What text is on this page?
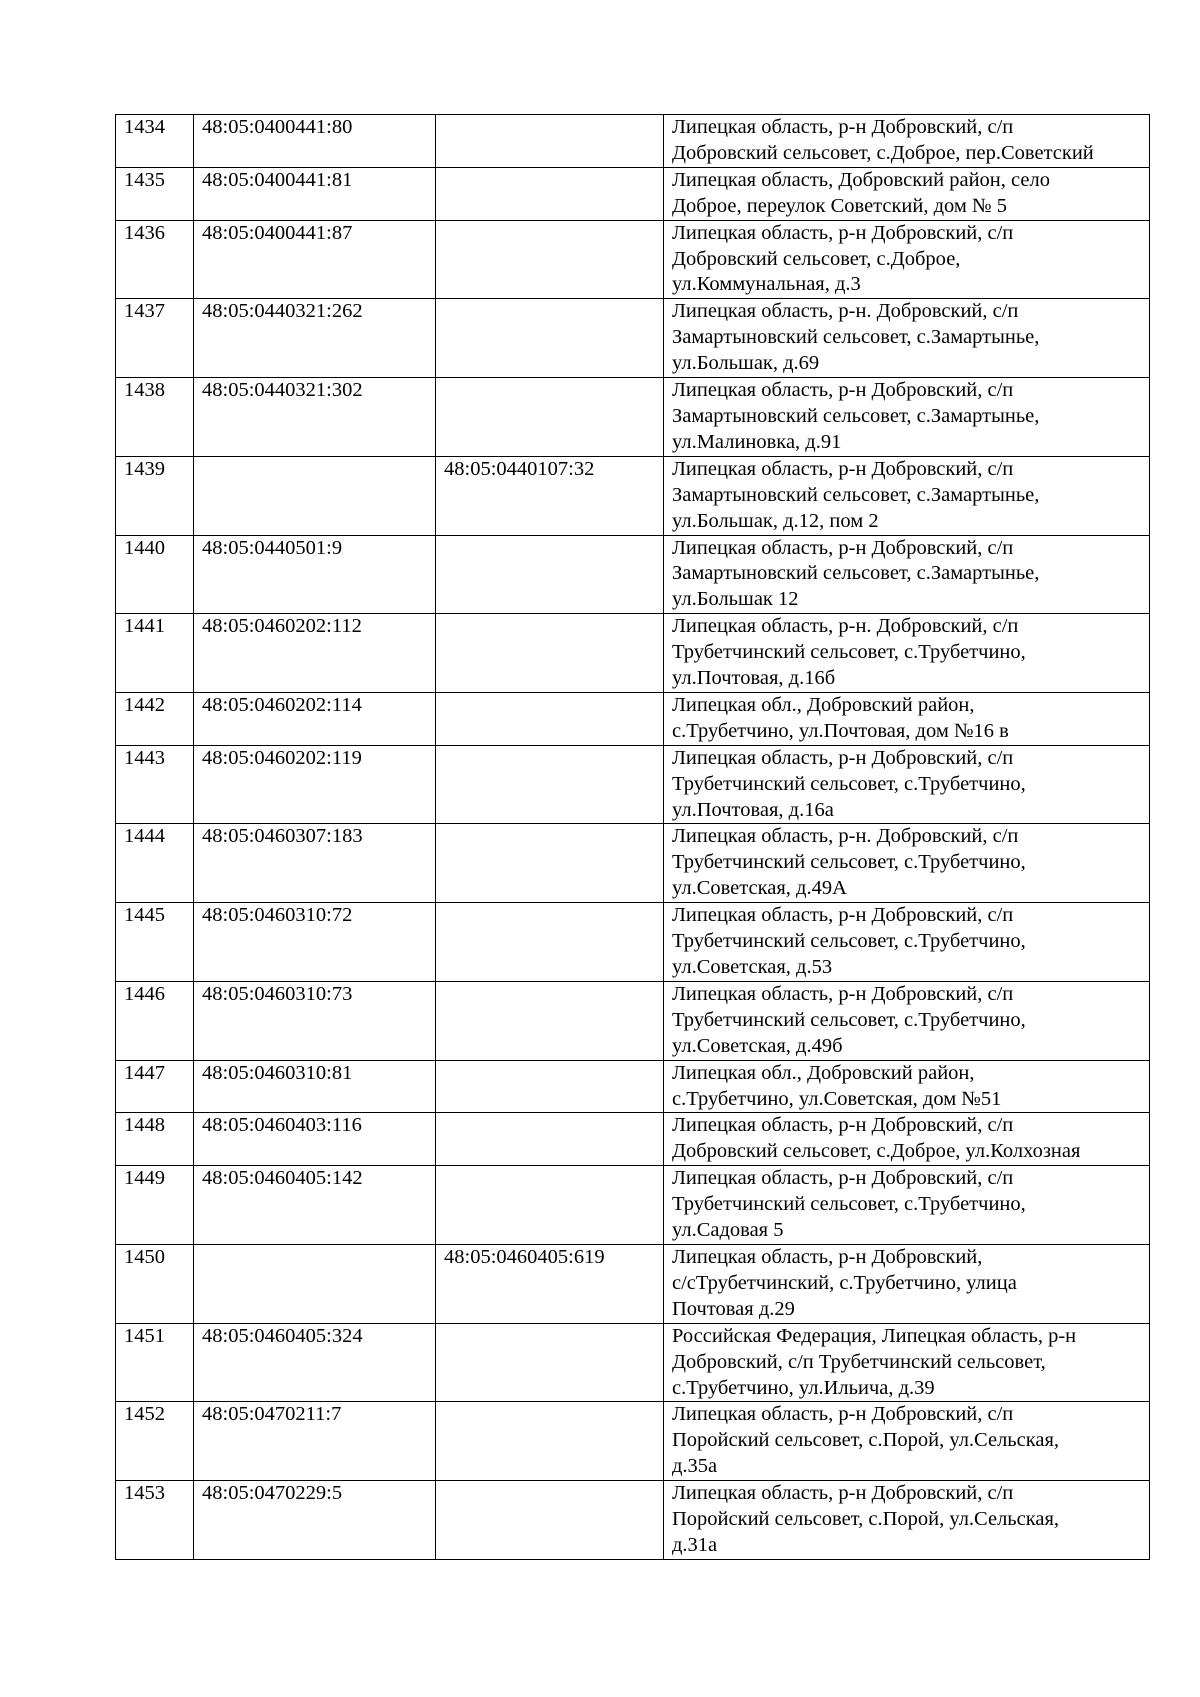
1434	48:05:0400441:80		Липецкая область, р-н Добровский, с/п
Добровский сельсовет, с.Доброе, пер.Советский

1435	48:05:0400441:81		Липецкая область, Добровский район, село
Доброе, переулок Советский, дом № 5

1436	48:05:0400441:87		Липецкая область, р-н Добровский, с/п
Добровский сельсовет, с.Доброе,
ул.Коммунальная, д.3

1437	48:05:0440321:262		Липецкая область, р-н. Добровский, с/п
Замартыновский сельсовет, с.Замартынье,
ул.Большак, д.69

1438	48:05:0440321:302		Липецкая область, р-н Добровский, с/п
Замартыновский сельсовет, с.Замартынье,
ул.Малиновка, д.91

1439		48:05:0440107:32	Липецкая область, р-н Добровский, с/п
Замартыновский сельсовет, с.Замартынье,
ул.Большак, д.12, пом 2

1440	48:05:0440501:9		Липецкая область, р-н Добровский, с/п
Замартыновский сельсовет, с.Замартынье,
ул.Большак 12

1441	48:05:0460202:112		Липецкая область, р-н. Добровский, с/п
Трубетчинский сельсовет, с.Трубетчино,
ул.Почтовая, д.16б

1442	48:05:0460202:114		Липецкая обл., Добровский район,
с.Трубетчино, ул.Почтовая, дом №16 в

1443	48:05:0460202:119		Липецкая область, р-н Добровский, с/п
Трубетчинский сельсовет, с.Трубетчино,
ул.Почтовая, д.16а

1444	48:05:0460307:183		Липецкая область, р-н. Добровский, с/п
Трубетчинский сельсовет, с.Трубетчино,
ул.Советская, д.49А

1445	48:05:0460310:72		Липецкая область, р-н Добровский, с/п
Трубетчинский сельсовет, с.Трубетчино,
ул.Советская, д.53

1446	48:05:0460310:73		Липецкая область, р-н Добровский, с/п
Трубетчинский сельсовет, с.Трубетчино,
ул.Советская, д.49б

1447	48:05:0460310:81		Липецкая обл., Добровский район,
с.Трубетчино, ул.Советская, дом №51

1448	48:05:0460403:116		Липецкая область, р-н Добровский, с/п
Добровский сельсовет, с.Доброе, ул.Колхозная

1449	48:05:0460405:142		Липецкая область, р-н Добровский, с/п
Трубетчинский сельсовет, с.Трубетчино,
ул.Садовая 5

1450		48:05:0460405:619	Липецкая область, р-н Добровский,
с/сТрубетчинский, с.Трубетчино, улица
Почтовая д.29

1451	48:05:0460405:324		Российская Федерация, Липецкая область, р-н
Добровский, с/п Трубетчинский сельсовет,
с.Трубетчино, ул.Ильича, д.39

1452	48:05:0470211:7		Липецкая область, р-н Добровский, с/п
Поройский сельсовет, с.Порой, ул.Сельская,
д.35а

1453	48:05:0470229:5		Липецкая область, р-н Добровский, с/п
Поройский сельсовет, с.Порой, ул.Сельская,
д.31а
